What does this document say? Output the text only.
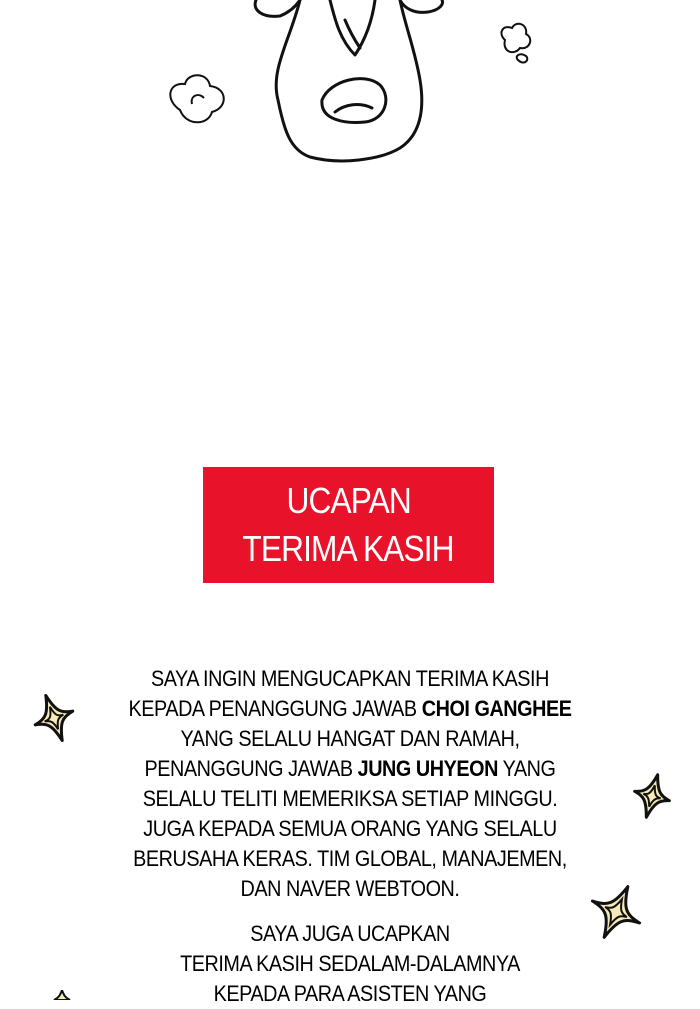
UCAPAN
TERIMA KASIH
SAYA INGIN MENGUCAPKAN TERIMA KASIH
KEPADA PENANGGUNG JAWAB CHOI GANGHEE
YANG SELALU HANGAT DAN RAMAH,
PENANGGUNG JAWAB JUNG UHYEON YANG
SELALU TELITI MEMERIKSA SETIAP MINGGU.
JUGA KEPADA SEMUA ORANG YANG SELALU
BERUSAHA KERAS. TIM GLOBAL, MANAJEMEN,
DAN NAVER WEBTOON.
SAYA JUGA UCAPKAN
TERIMA KASIH SEDALAM-DALAMNYA
KEPADA PARA ASISTEN YANG
